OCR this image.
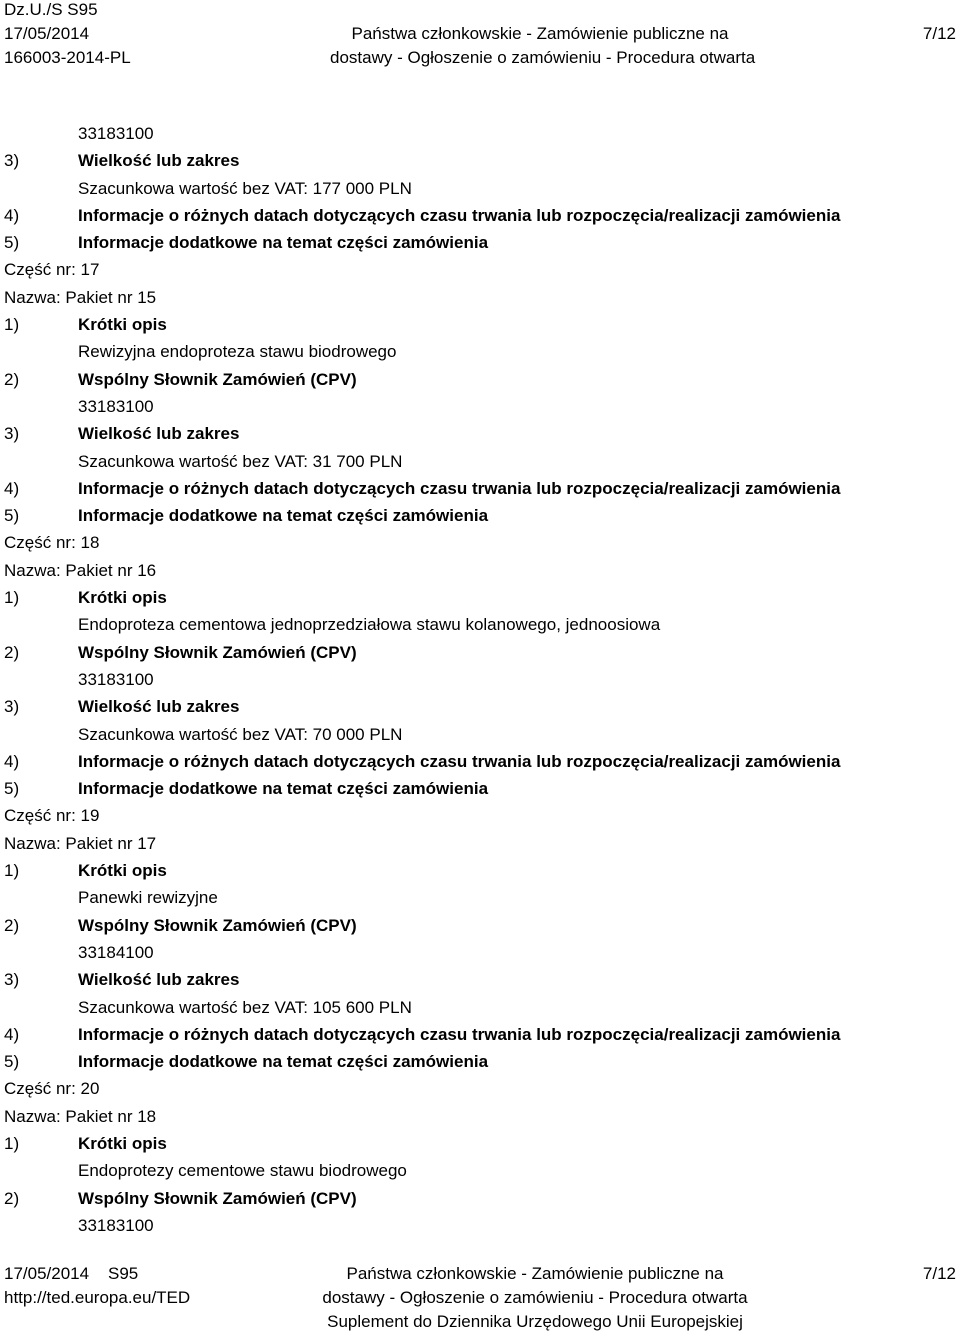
Dz.U./S S95
17/05/2014
166003-2014-PL
Państwa członkowskie - Zamówienie publiczne na
dostawy - Ogłoszenie o zamówieniu - Procedura otwarta
7/12
33183100
3)	Wielkość lub zakres
Szacunkowa wartość bez VAT: 177 000 PLN
4)	Informacje o różnych datach dotyczących czasu trwania lub rozpoczęcia/realizacji zamówienia
5)	Informacje dodatkowe na temat części zamówienia
Część nr: 17
Nazwa: Pakiet nr 15
1)	Krótki opis
Rewizyjna endoproteza stawu biodrowego
2)	Wspólny Słownik Zamówień (CPV)
33183100
3)	Wielkość lub zakres
Szacunkowa wartość bez VAT: 31 700 PLN
4)	Informacje o różnych datach dotyczących czasu trwania lub rozpoczęcia/realizacji zamówienia
5)	Informacje dodatkowe na temat części zamówienia
Część nr: 18
Nazwa: Pakiet nr 16
1)	Krótki opis
Endoproteza cementowa jednoprzedziałowa stawu kolanowego, jednoosiowa
2)	Wspólny Słownik Zamówień (CPV)
33183100
3)	Wielkość lub zakres
Szacunkowa wartość bez VAT: 70 000 PLN
4)	Informacje o różnych datach dotyczących czasu trwania lub rozpoczęcia/realizacji zamówienia
5)	Informacje dodatkowe na temat części zamówienia
Część nr: 19
Nazwa: Pakiet nr 17
1)	Krótki opis
Panewki rewizyjne
2)	Wspólny Słownik Zamówień (CPV)
33184100
3)	Wielkość lub zakres
Szacunkowa wartość bez VAT: 105 600 PLN
4)	Informacje o różnych datach dotyczących czasu trwania lub rozpoczęcia/realizacji zamówienia
5)	Informacje dodatkowe na temat części zamówienia
Część nr: 20
Nazwa: Pakiet nr 18
1)	Krótki opis
Endoprotezy cementowe stawu biodrowego
2)	Wspólny Słownik Zamówień (CPV)
33183100
17/05/2014    S95
http://ted.europa.eu/TED
Państwa członkowskie - Zamówienie publiczne na
dostawy - Ogłoszenie o zamówieniu - Procedura otwarta
Suplement do Dziennika Urzędowego Unii Europejskiej
7/12
